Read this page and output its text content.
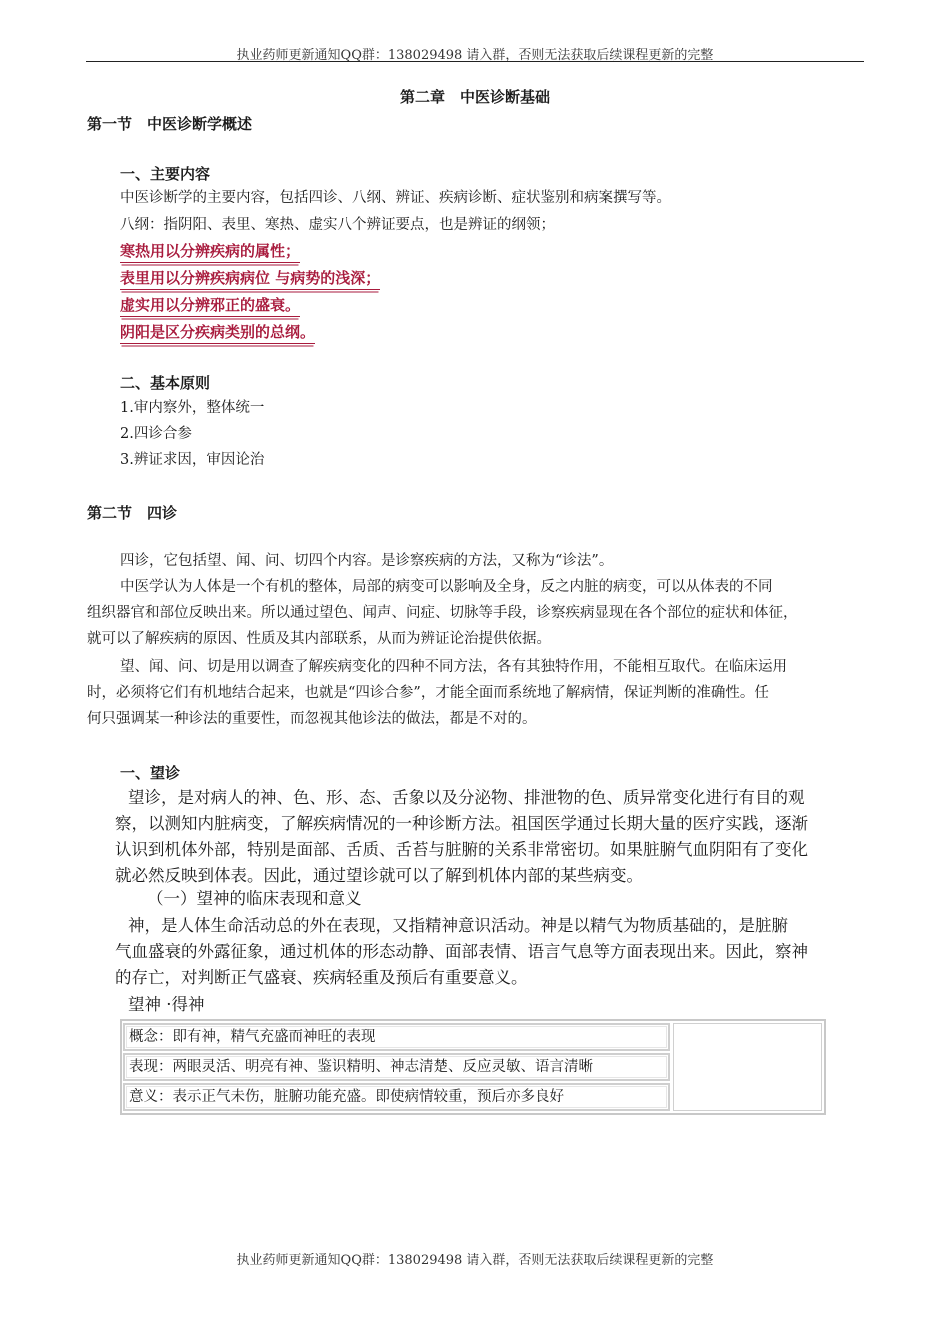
执业药师更新通知QQ群：138029498 请入群，否则无法获取后续课程更新的完整
第二章　中医诊断基础
第一节　中医诊断学概述
一、主要内容
中医诊断学的主要内容，包括四诊、八纲、辨证、疾病诊断、症状鉴别和病案撰写等。
八纲：指阴阳、表里、寒热、虚实八个辨证要点，也是辨证的纲领；
寒热用以分辨疾病的属性；
表里用以分辨疾病病位 与病势的浅深；
虚实用以分辨邪正的盛衰。
阴阳是区分疾病类别的总纲。
二、基本原则
1.审内察外，整体统一
2.四诊合参
3.辨证求因，审因论治
第二节　四诊
四诊，它包括望、闻、问、切四个内容。是诊察疾病的方法，又称为“诊法”。
中医学认为人体是一个有机的整体，局部的病变可以影响及全身，反之内脏的病变，可以从体表的不同
组织器官和部位反映出来。所以通过望色、闻声、问症、切脉等手段，诊察疾病显现在各个部位的症状和体征，
就可以了解疾病的原因、性质及其内部联系，从而为辨证论治提供依据。
望、闻、问、切是用以调查了解疾病变化的四种不同方法，各有其独特作用，不能相互取代。在临床运用
时，必须将它们有机地结合起来，也就是“四诊合参”，才能全面而系统地了解病情，保证判断的准确性。任
何只强调某一种诊法的重要性，而忽视其他诊法的做法，都是不对的。
一、望诊
望诊，是对病人的神、色、形、态、舌象以及分泌物、排泄物的色、质异常变化进行有目的观
察，以测知内脏病变，了解疾病情况的一种诊断方法。祖国医学通过长期大量的医疗实践，逐渐
认识到机体外部，特别是面部、舌质、舌苔与脏腑的关系非常密切。如果脏腑气血阴阳有了变化
就必然反映到体表。因此，通过望诊就可以了解到机体内部的某些病变。
（一）望神的临床表现和意义
神，是人体生命活动总的外在表现，又指精神意识活动。神是以精气为物质基础的，是脏腑
气血盛衰的外露征象，通过机体的形态动静、面部表情、语言气息等方面表现出来。因此，察神
的存亡，对判断正气盛衰、疾病轻重及预后有重要意义。
望神 ·得神
概念：即有神，精气充盛而神旺的表现
表现：两眼灵活、明亮有神、鉴识精明、神志清楚、反应灵敏、语言清晰
意义：表示正气未伤，脏腑功能充盛。即使病情较重，预后亦多良好
执业药师更新通知QQ群：138029498 请入群，否则无法获取后续课程更新的完整
